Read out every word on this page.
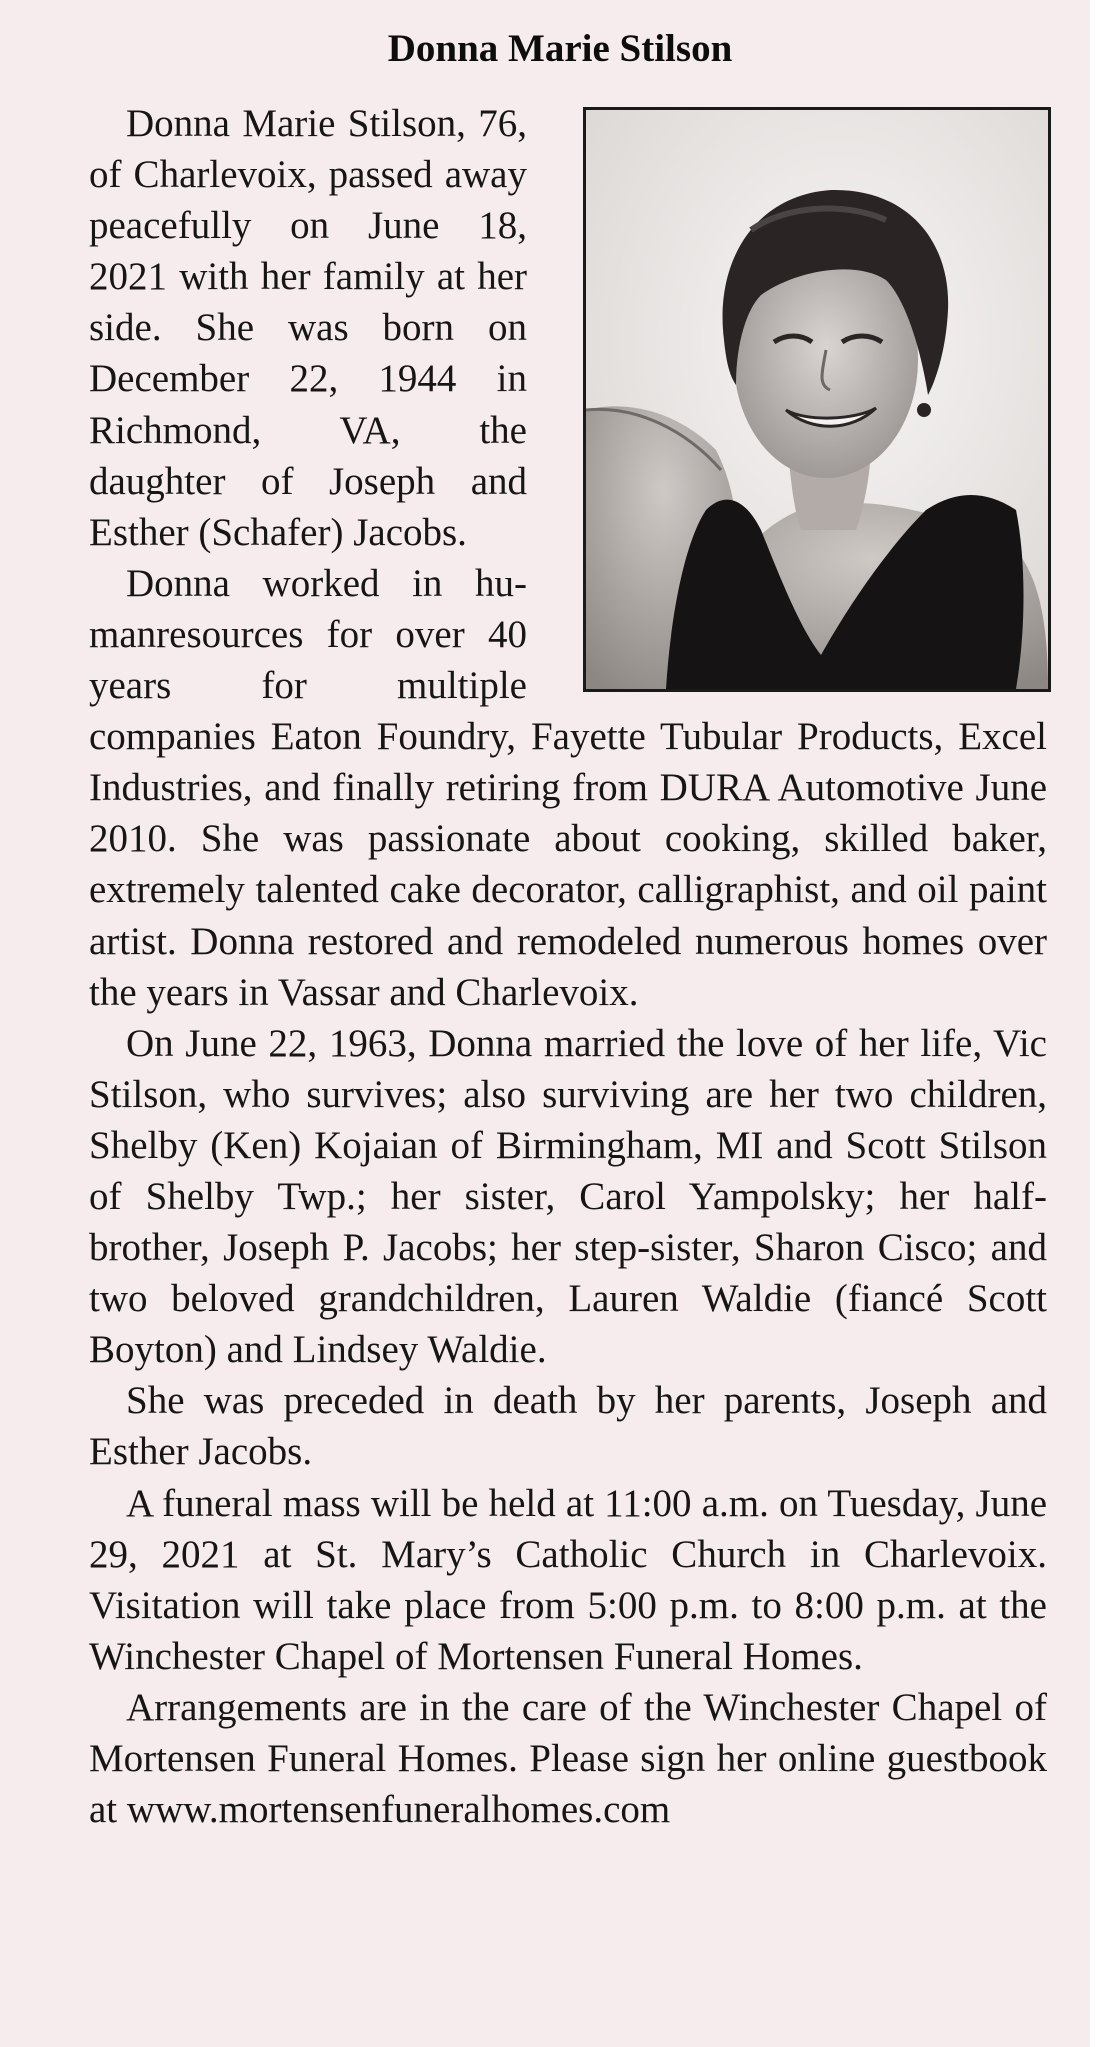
Donna Marie Stilson

Donna Marie Stilson, 76, of Charlevoix, passed away peacefully on June 18, 2021 with her family at her side. She was born on December 22, 1944 in Richmond, VA, the daughter of Joseph and Esther (Schafer) Jacobs.

Donna worked in humanresources for over 40 years for multiple companies Eaton Foundry, Fayette Tubular Products, Excel Industries, and finally retiring from DURA Automotive June 2010. She was passionate about cooking, skilled baker, extremely talented cake decorator, calligraphist, and oil paint artist. Donna restored and remodeled numerous homes over the years in Vassar and Charlevoix.

On June 22, 1963, Donna married the love of her life, Vic Stilson, who survives; also surviving are her two children, Shelby (Ken) Kojaian of Birmingham, MI and Scott Stilson of Shelby Twp.; her sister, Carol Yampolsky; her half-brother, Joseph P. Jacobs; her step-sister, Sharon Cisco; and two beloved grandchildren, Lauren Waldie (fiancé Scott Boyton) and Lindsey Waldie.

She was preceded in death by her parents, Joseph and Esther Jacobs.

A funeral mass will be held at 11:00 a.m. on Tuesday, June 29, 2021 at St. Mary’s Catholic Church in Charlevoix. Visitation will take place from 5:00 p.m. to 8:00 p.m. at the Winchester Chapel of Mortensen Funeral Homes.

Arrangements are in the care of the Winchester Chapel of Mortensen Funeral Homes. Please sign her online guestbook at www.mortensenfuneralhomes.com
